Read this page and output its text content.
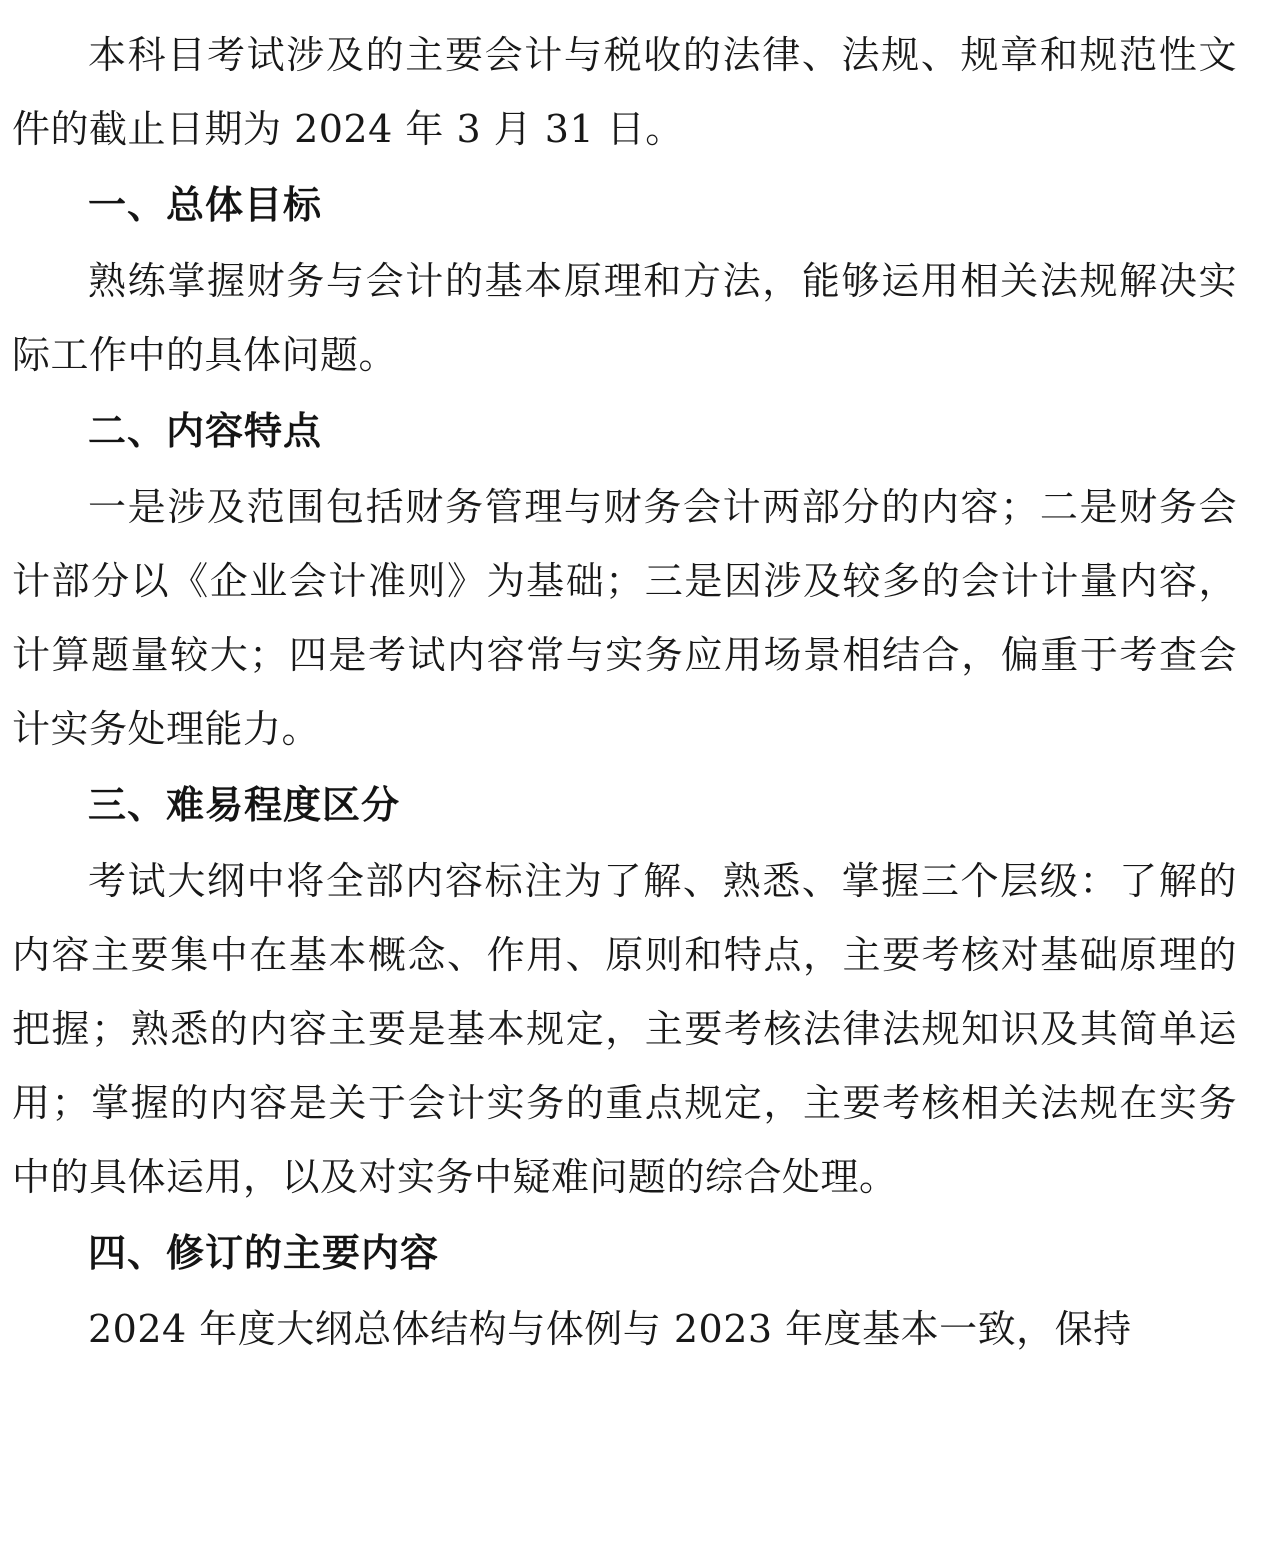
本科目考试涉及的主要会计与税收的法律、法规、规章和规范性文件的截止日期为 2024 年 3 月 31 日。

一、总体目标

熟练掌握财务与会计的基本原理和方法，能够运用相关法规解决实际工作中的具体问题。

二、内容特点

一是涉及范围包括财务管理与财务会计两部分的内容；二是财务会计部分以《企业会计准则》为基础；三是因涉及较多的会计计量内容，计算题量较大；四是考试内容常与实务应用场景相结合，偏重于考查会计实务处理能力。

三、难易程度区分

考试大纲中将全部内容标注为了解、熟悉、掌握三个层级：了解的内容主要集中在基本概念、作用、原则和特点，主要考核对基础原理的把握；熟悉的内容主要是基本规定，主要考核法律法规知识及其简单运用；掌握的内容是关于会计实务的重点规定，主要考核相关法规在实务中的具体运用，以及对实务中疑难问题的综合处理。

四、修订的主要内容

2024 年度大纲总体结构与体例与 2023 年度基本一致，保持
